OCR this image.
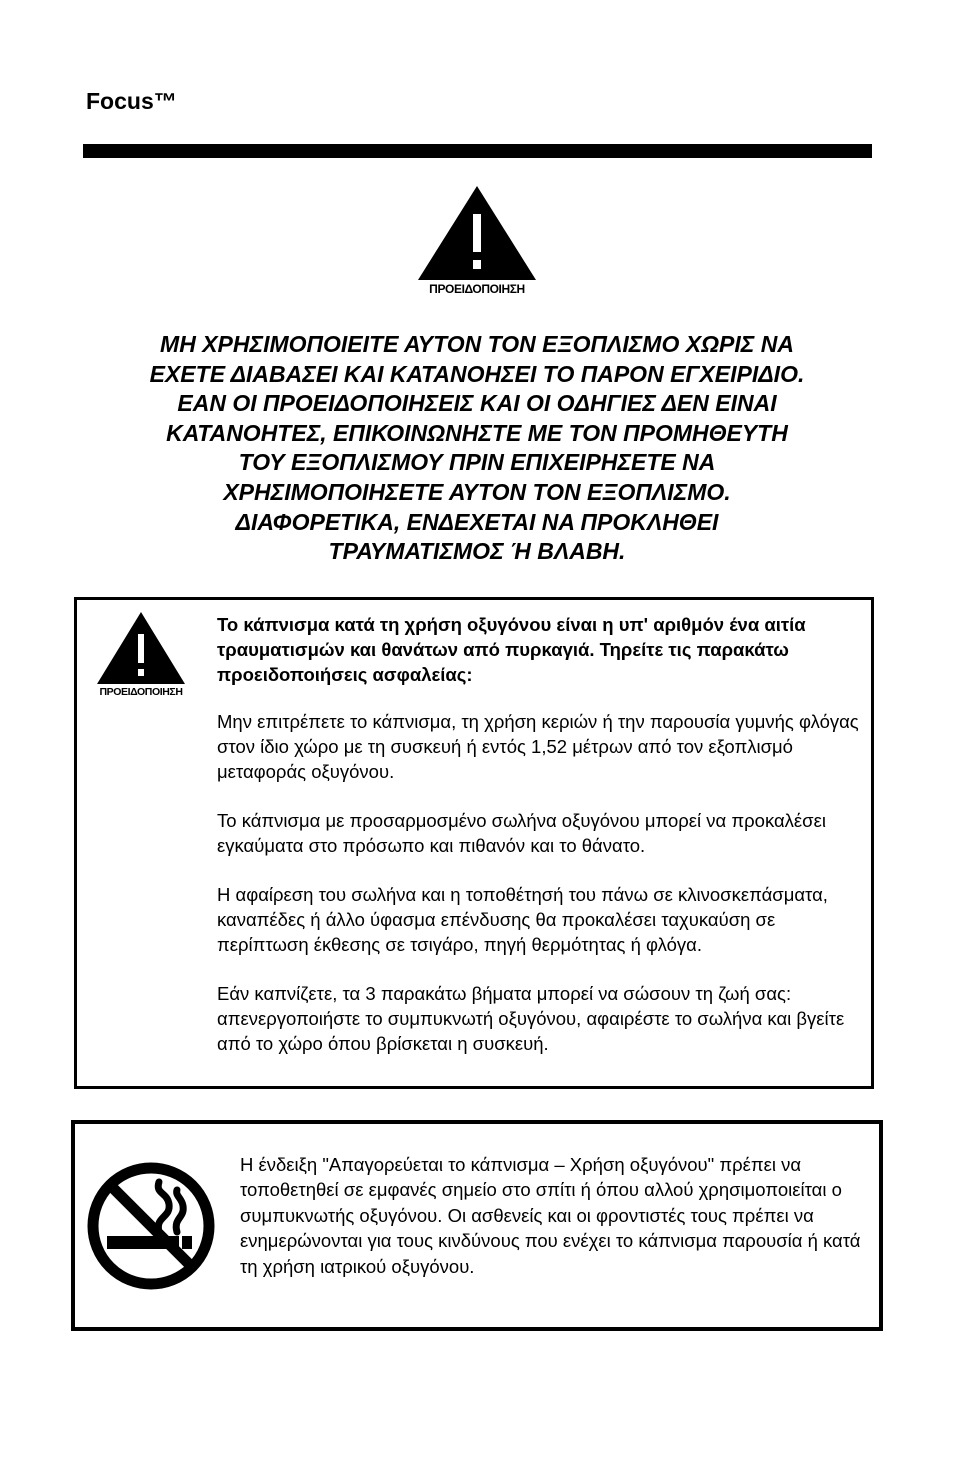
Focus™
ΠΡΟΕΙΔΟΠΟΙΗΣΗ
ΜΗ ΧΡΗΣΙΜΟΠΟΙΕΙΤΕ ΑΥΤΟΝ ΤΟΝ ΕΞΟΠΛΙΣΜΟ ΧΩΡΙΣ ΝΑ
ΕΧΕΤΕ ΔΙΑΒΑΣΕΙ ΚΑΙ ΚΑΤΑΝΟΗΣΕΙ ΤΟ ΠΑΡΟΝ ΕΓΧΕΙΡΙΔΙΟ.
ΕΑΝ ΟΙ ΠΡΟΕΙΔΟΠΟΙΗΣΕΙΣ ΚΑΙ ΟΙ ΟΔΗΓΙΕΣ ΔΕΝ ΕΙΝΑΙ
ΚΑΤΑΝΟΗΤΕΣ, ΕΠΙΚΟΙΝΩΝΗΣΤΕ ΜΕ ΤΟΝ ΠΡΟΜΗΘΕΥΤΗ
ΤΟΥ ΕΞΟΠΛΙΣΜΟΥ ΠΡΙΝ ΕΠΙΧΕΙΡΗΣΕΤΕ ΝΑ
ΧΡΗΣΙΜΟΠΟΙΗΣΕΤΕ ΑΥΤΟΝ ΤΟΝ ΕΞΟΠΛΙΣΜΟ.
ΔΙΑΦΟΡΕΤΙΚΑ, ΕΝΔΕΧΕΤΑΙ ΝΑ ΠΡΟΚΛΗΘΕΙ
ΤΡΑΥΜΑΤΙΣΜΟΣ Ή ΒΛΑΒΗ.
ΠΡΟΕΙΔΟΠΟΙΗΣΗ

Το κάπνισμα κατά τη χρήση οξυγόνου είναι η υπ' αριθμόν ένα αιτία τραυματισμών και θανάτων από πυρκαγιά. Τηρείτε τις παρακάτω προειδοποιήσεις ασφαλείας:

Μην επιτρέπετε το κάπνισμα, τη χρήση κεριών ή την παρουσία γυμνής φλόγας στον ίδιο χώρο με τη συσκευή ή εντός 1,52 μέτρων από τον εξοπλισμό μεταφοράς οξυγόνου.

Το κάπνισμα με προσαρμοσμένο σωλήνα οξυγόνου μπορεί να προκαλέσει εγκαύματα στο πρόσωπο και πιθανόν και το θάνατο.

Η αφαίρεση του σωλήνα και η τοποθέτησή του πάνω σε κλινοσκεπάσματα, καναπέδες ή άλλο ύφασμα επένδυσης θα προκαλέσει ταχυκαύση σε περίπτωση έκθεσης σε τσιγάρο, πηγή θερμότητας ή φλόγα.

Εάν καπνίζετε, τα 3 παρακάτω βήματα μπορεί να σώσουν τη ζωή σας: απενεργοποιήστε το συμπυκνωτή οξυγόνου, αφαιρέστε το σωλήνα και βγείτε από το χώρο όπου βρίσκεται η συσκευή.

Η ένδειξη "Απαγορεύεται το κάπνισμα – Χρήση οξυγόνου" πρέπει να τοποθετηθεί σε εμφανές σημείο στο σπίτι ή όπου αλλού χρησιμοποιείται ο συμπυκνωτής οξυγόνου. Οι ασθενείς και οι φροντιστές τους πρέπει να ενημερώνονται για τους κινδύνους που ενέχει το κάπνισμα παρουσία ή κατά τη χρήση ιατρικού οξυγόνου.
